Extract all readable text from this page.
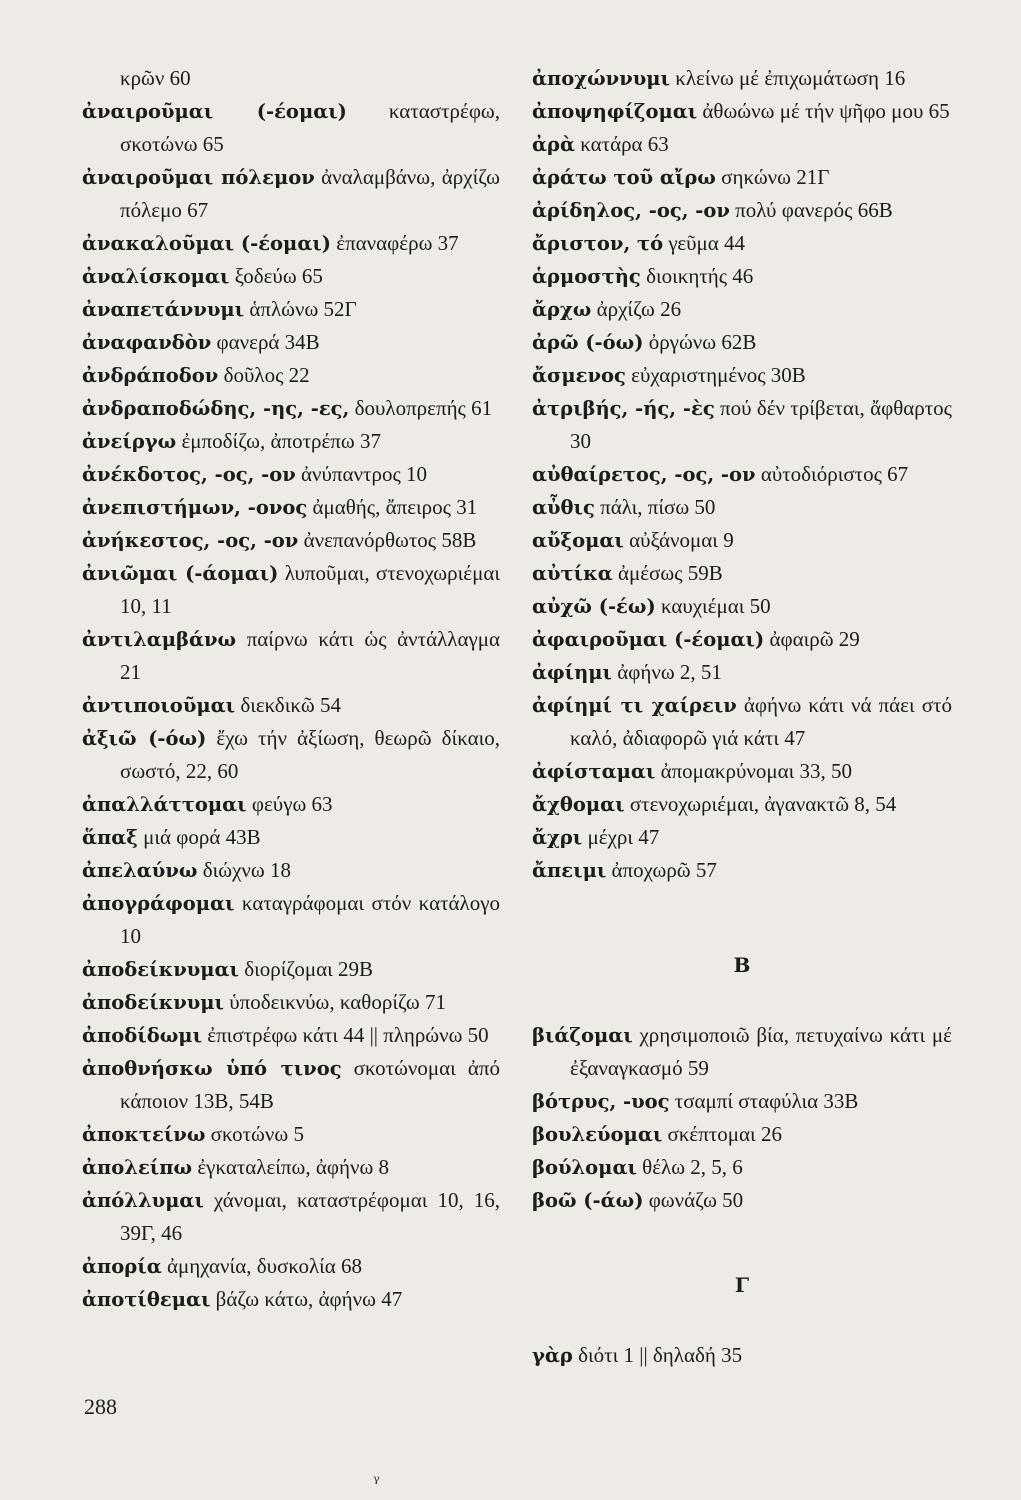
κρῶν 60

ἀναιροῦμαι (-έομαι) καταστρέφω, σκοτώνω 65

ἀναιροῦμαι πόλεμον ἀναλαμβάνω, ἀρχίζω πόλεμο 67

ἀνακαλοῦμαι (-έομαι) ἐπαναφέρω 37

ἀναλίσκομαι ξοδεύω 65

ἀναπετάννυμι ἁπλώνω 52Γ

ἀναφανδὸν φανερά 34Β

ἀνδράποδον δοῦλος 22

ἀνδραποδώδης, -ης, -ες, δουλοπρεπής 61

ἀνείργω ἐμποδίζω, ἀποτρέπω 37

ἀνέκδοτος, -ος, -ον ἀνύπαντρος 10

ἀνεπιστήμων, -ονος ἀμαθής, ἄπειρος 31

ἀνήκεστος, -ος, -ον ἀνεπανόρθωτος 58Β

ἀνιῶμαι (-άομαι) λυποῦμαι, στενοχωριέμαι 10, 11

ἀντιλαμβάνω παίρνω κάτι ὡς ἀντάλλαγμα 21

ἀντιποιοῦμαι διεκδικῶ 54

ἀξιῶ (-όω) ἔχω τήν ἀξίωση, θεωρῶ δίκαιο, σωστό, 22, 60

ἀπαλλάττομαι φεύγω 63

ἅπαξ μιά φορά 43Β

ἀπελαύνω διώχνω 18

ἀπογράφομαι καταγράφομαι στόν κατάλογο 10

ἀποδείκνυμαι διορίζομαι 29Β

ἀποδείκνυμι ὑποδεικνύω, καθορίζω 71

ἀποδίδωμι ἐπιστρέφω κάτι 44 || πληρώνω 50

ἀποθνήσκω ὑπό τινος σκοτώνομαι ἀπό κάποιον 13Β, 54Β

ἀποκτείνω σκοτώνω 5

ἀπολείπω ἐγκαταλείπω, ἀφήνω 8

ἀπόλλυμαι χάνομαι, καταστρέφομαι 10, 16, 39Γ, 46

ἀπορία ἀμηχανία, δυσκολία 68

ἀποτίθεμαι βάζω κάτω, ἀφήνω 47

ἀποχώννυμι κλείνω μέ ἐπιχωμάτωση 16

ἀποψηφίζομαι ἀθωώνω μέ τήν ψῆφο μου 65

ἀρὰ κατάρα 63

ἀράτω τοῦ αἴρω σηκώνω 21Γ

ἀρίδηλος, -ος, -ον πολύ φανερός 66Β

ἄριστον, τό γεῦμα 44

ἁρμοστὴς διοικητής 46

ἄρχω ἀρχίζω 26

ἀρῶ (-όω) ὀργώνω 62Β

ἄσμενος εὐχαριστημένος 30Β

ἀτριβής, -ής, -ὲς πού δέν τρίβεται, ἄφθαρτος 30

αὐθαίρετος, -ος, -ον αὐτοδιόριστος 67

αὖθις πάλι, πίσω 50

αὔξομαι αὐξάνομαι 9

αὐτίκα ἀμέσως 59Β

αὐχῶ (-έω) καυχιέμαι 50

ἀφαιροῦμαι (-έομαι) ἀφαιρῶ 29

ἀφίημι ἀφήνω 2, 51

ἀφίημί τι χαίρειν ἀφήνω κάτι νά πάει στό καλό, ἀδιαφορῶ γιά κάτι 47

ἀφίσταμαι ἀπομακρύνομαι 33, 50

ἄχθομαι στενοχωριέμαι, ἀγανακτῶ 8, 54

ἄχρι μέχρι 47

ἄπειμι ἀποχωρῶ 57

Β

βιάζομαι χρησιμοποιῶ βία, πετυχαίνω κάτι μέ ἐξαναγκασμό 59

βότρυς, -υος τσαμπί σταφύλια 33Β

βουλεύομαι σκέπτομαι 26

βούλομαι θέλω 2, 5, 6

βοῶ (-άω) φωνάζω 50

Γ

γὰρ διότι 1 || δηλαδή 35

288
ᵧ
